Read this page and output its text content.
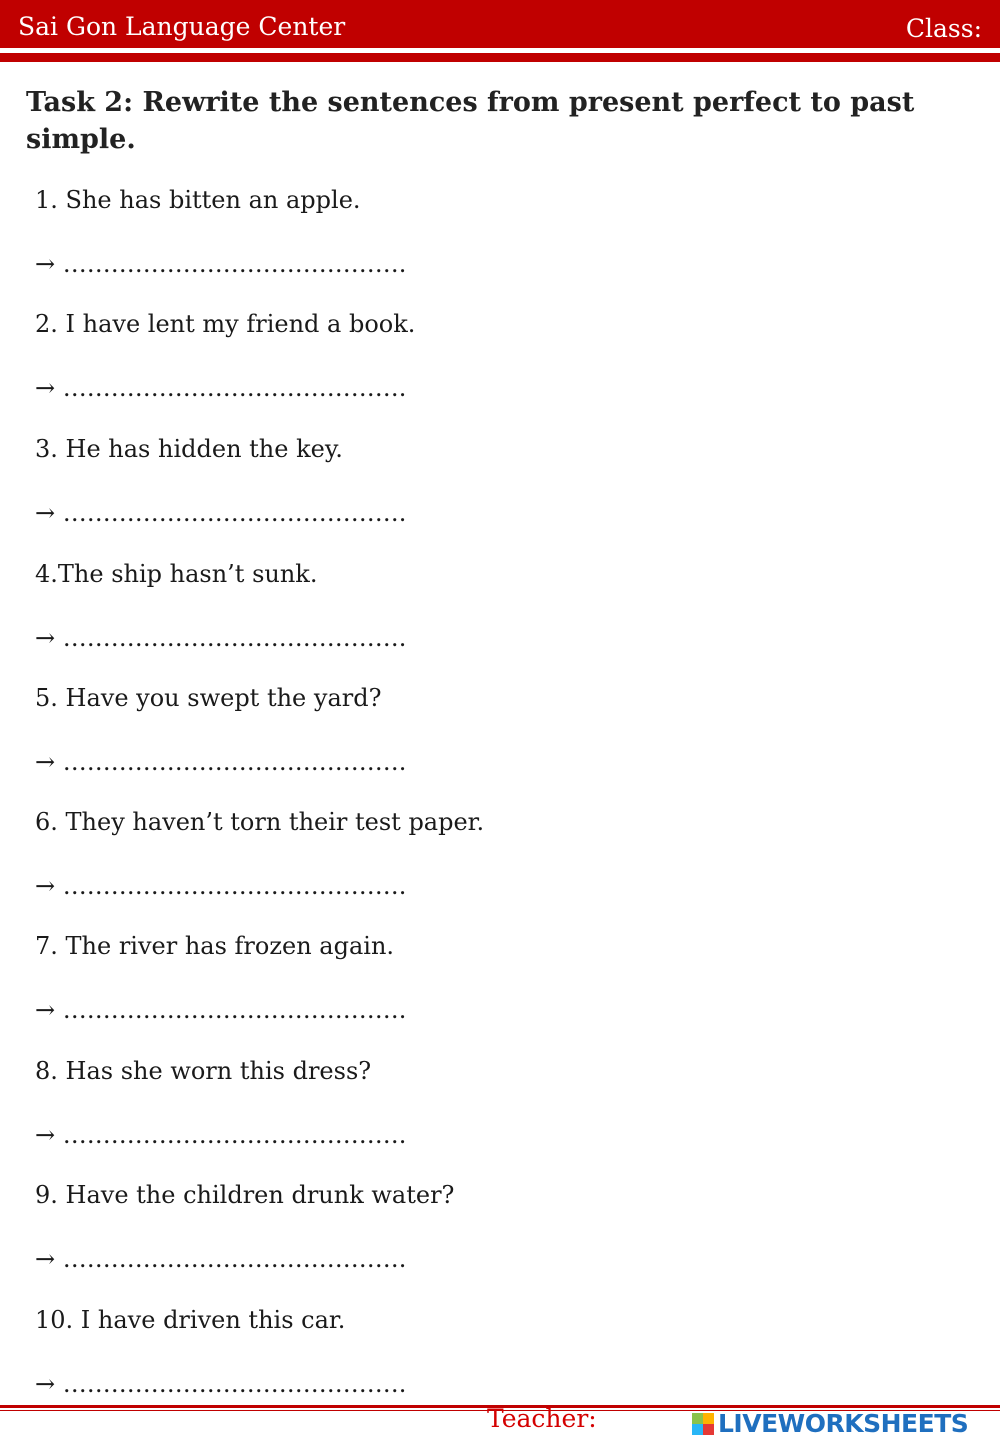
Sai Gon Language Center	Class:
Task 2: Rewrite the sentences from present perfect to past simple.
1. She has bitten an apple.
→ …………………………………….
2. I have lent my friend a book.
→ …………………………………….
3. He has hidden the key.
→ …………………………………….
4.The ship hasn’t sunk.
→ …………………………………….
5. Have you swept the yard?
→ …………………………………….
6. They haven’t torn their test paper.
→ …………………………………….
7. The river has frozen again.
→ …………………………………….
8. Has she worn this dress?
→ …………………………………….
9. Have the children drunk water?
→ …………………………………….
10. I have driven this car.
→ …………………………………….
Teacher:	LIVEWORKSHEETS
